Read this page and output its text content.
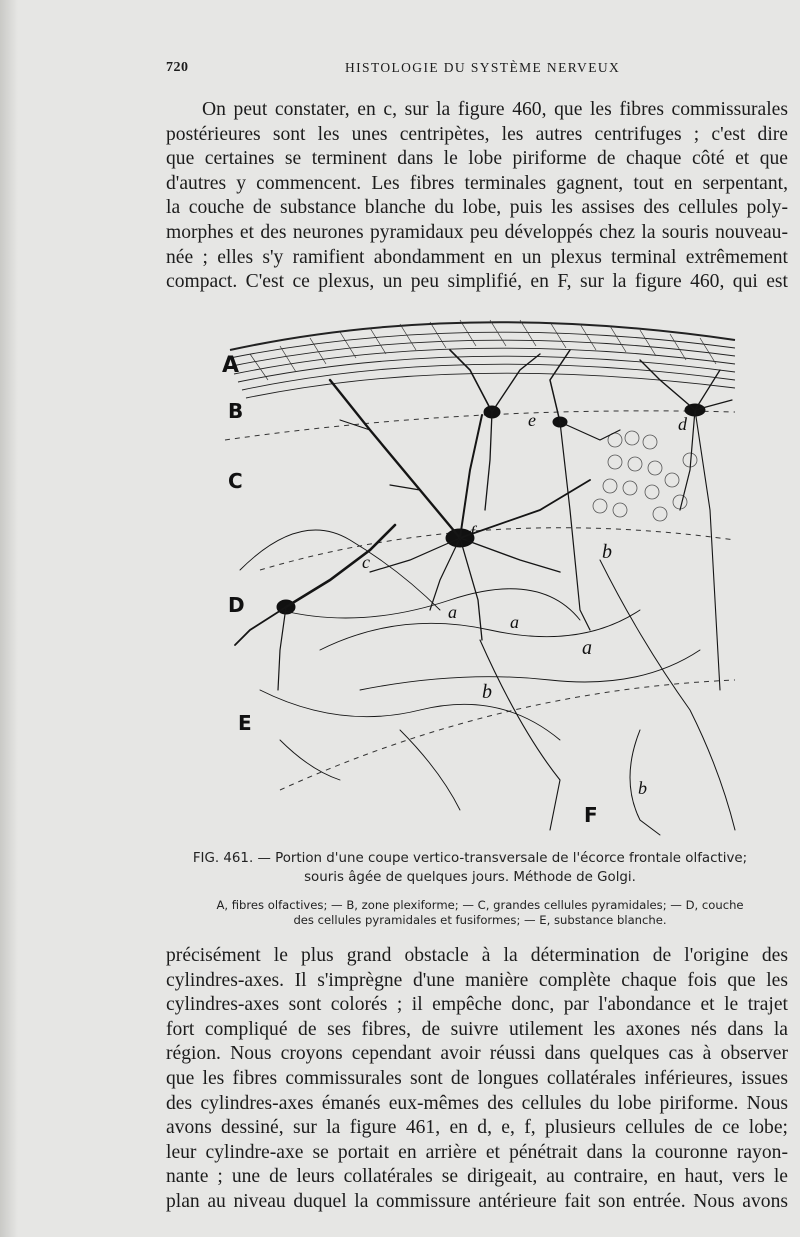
720	HISTOLOGIE DU SYSTÈME NERVEUX

On peut constater, en c, sur la figure 460, que les fibres commissurales
postérieures sont les unes centripètes, les autres centrifuges ; c'est dire
que certaines se terminent dans le lobe piriforme de chaque côté et que
d'autres y commencent. Les fibres terminales gagnent, tout en serpentant,
la couche de substance blanche du lobe, puis les assises des cellules poly-
morphes et des neurones pyramidaux peu développés chez la souris nouveau-
née ; elles s'y ramifient abondamment en un plexus terminal extrêmement
compact. C'est ce plexus, un peu simplifié, en F, sur la figure 460, qui est

A
B
C
D
E
e	d
f
c	b
a	a
a
b
b
F
FIG. 461. — Portion d'une coupe vertico-transversale de l'écorce frontale olfactive;
souris âgée de quelques jours. Méthode de Golgi.
A, fibres olfactives; — B, zone plexiforme; — C, grandes cellules pyramidales; — D, couche
des cellules pyramidales et fusiformes; — E, substance blanche.

précisément le plus grand obstacle à la détermination de l'origine des
cylindres-axes. Il s'imprègne d'une manière complète chaque fois que les
cylindres-axes sont colorés ; il empêche donc, par l'abondance et le trajet
fort compliqué de ses fibres, de suivre utilement les axones nés dans la
région. Nous croyons cependant avoir réussi dans quelques cas à observer
que les fibres commissurales sont de longues collatérales inférieures, issues
des cylindres-axes émanés eux-mêmes des cellules du lobe piriforme. Nous
avons dessiné, sur la figure 461, en d, e, f, plusieurs cellules de ce lobe;
leur cylindre-axe se portait en arrière et pénétrait dans la couronne rayon-
nante ; une de leurs collatérales se dirigeait, au contraire, en haut, vers le
plan au niveau duquel la commissure antérieure fait son entrée. Nous avons
